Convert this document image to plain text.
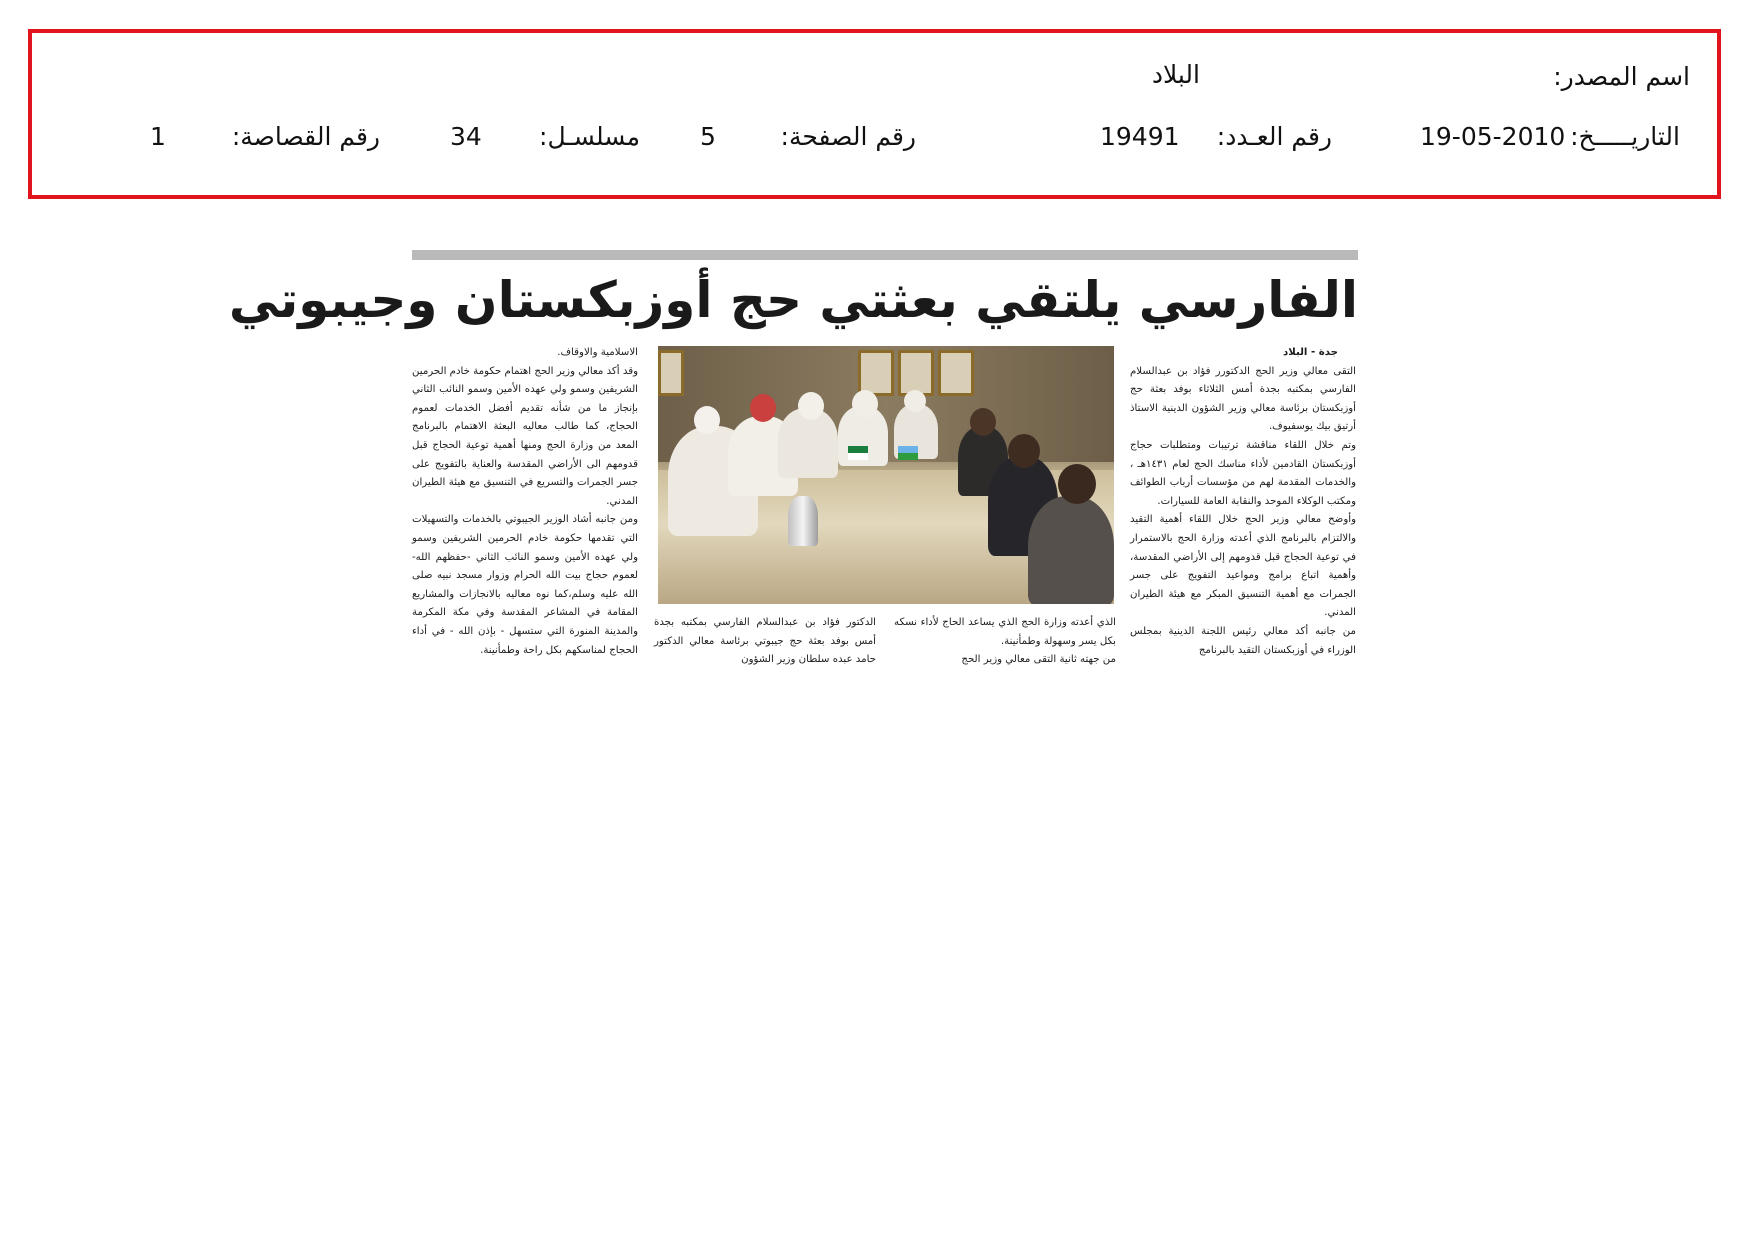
اسم المصدر:
البلاد
التاريـــــخ:
19-05-2010
رقم العـدد:
19491
رقم الصفحة:
5
مسلسـل:
34
رقم القصاصة:
1
الفارسي يلتقي بعثتي حج أوزبكستان وجيبوتي

جدة - البلاد

التقى معالي وزير الحج الدكتورر فؤاد بن عبدالسلام الفارسي بمكتبه بجدة أمس الثلاثاء بوفد بعثة حج أوزبكستان برئاسة معالي وزير الشؤون الدينية الاستاذ أرتيق بيك يوسفيوف.

وتم خلال اللقاء مناقشة ترتيبات ومتطلبات حجاج أوزبكستان القادمين لأداء مناسك الحج لعام ١٤٣١هـ ، والخدمات المقدمة لهم من مؤسسات أرباب الطوائف ومكتب الوكلاء الموحد والنقابة العامة للسيارات.

وأوضح معالي وزير الحج خلال اللقاء أهمية التقيد والالتزام بالبرنامج الذي أعدته وزارة الحج بالاستمرار في توعية الحجاج قبل قدومهم إلى الأراضي المقدسة، وأهمية اتباع برامج ومواعيد التفويج على جسر الجمرات مع أهمية التنسيق المبكر مع هيئة الطيران المدني.

من جانبه أكد معالي رئيس اللجنة الدينية بمجلس الوزراء في أوزبكستان التقيد بالبرنامج

الذي أعدته وزارة الحج الذي يساعد الحاج لأداء نسكه بكل يسر وسهولة وطمأنينة.

من جهته ثانية التقى معالي وزير الحج

الدكتور فؤاد بن عبدالسلام الفارسي بمكتبه بجدة أمس بوفد بعثة حج جيبوتي برئاسة معالي الدكتور حامد عبده سلطان وزير الشؤون

الاسلامية والاوقاف.

وقد أكد معالي وزير الحج اهتمام حكومة خادم الحرمين الشريفين وسمو ولي عهده الأمين وسمو النائب الثاني بإنجاز ما من شأنه تقديم أفضل الخدمات لعموم الحجاج، كما طالب معاليه البعثة الاهتمام بالبرنامج المعد من وزارة الحج ومنها أهمية توعية الحجاج قبل قدومهم الى الأراضي المقدسة والعناية بالتفويج على جسر الجمرات والتسريع في التنسيق مع هيئة الطيران المدني.

ومن جانبه أشاد الوزير الجيبوتي بالخدمات والتسهيلات التي تقدمها حكومة خادم الحرمين الشريفين وسمو ولي عهده الأمين وسمو النائب الثاني -حفظهم الله- لعموم حجاج بيت الله الحرام وزوار مسجد نبيه صلى الله عليه وسلم،كما نوه معاليه بالانجازات والمشاريع المقامة في المشاعر المقدسة وفي مكة المكرمة والمدينة المنورة التي ستسهل - بإذن الله - في أداء الحجاج لمناسكهم بكل راحة وطمأنينة.
